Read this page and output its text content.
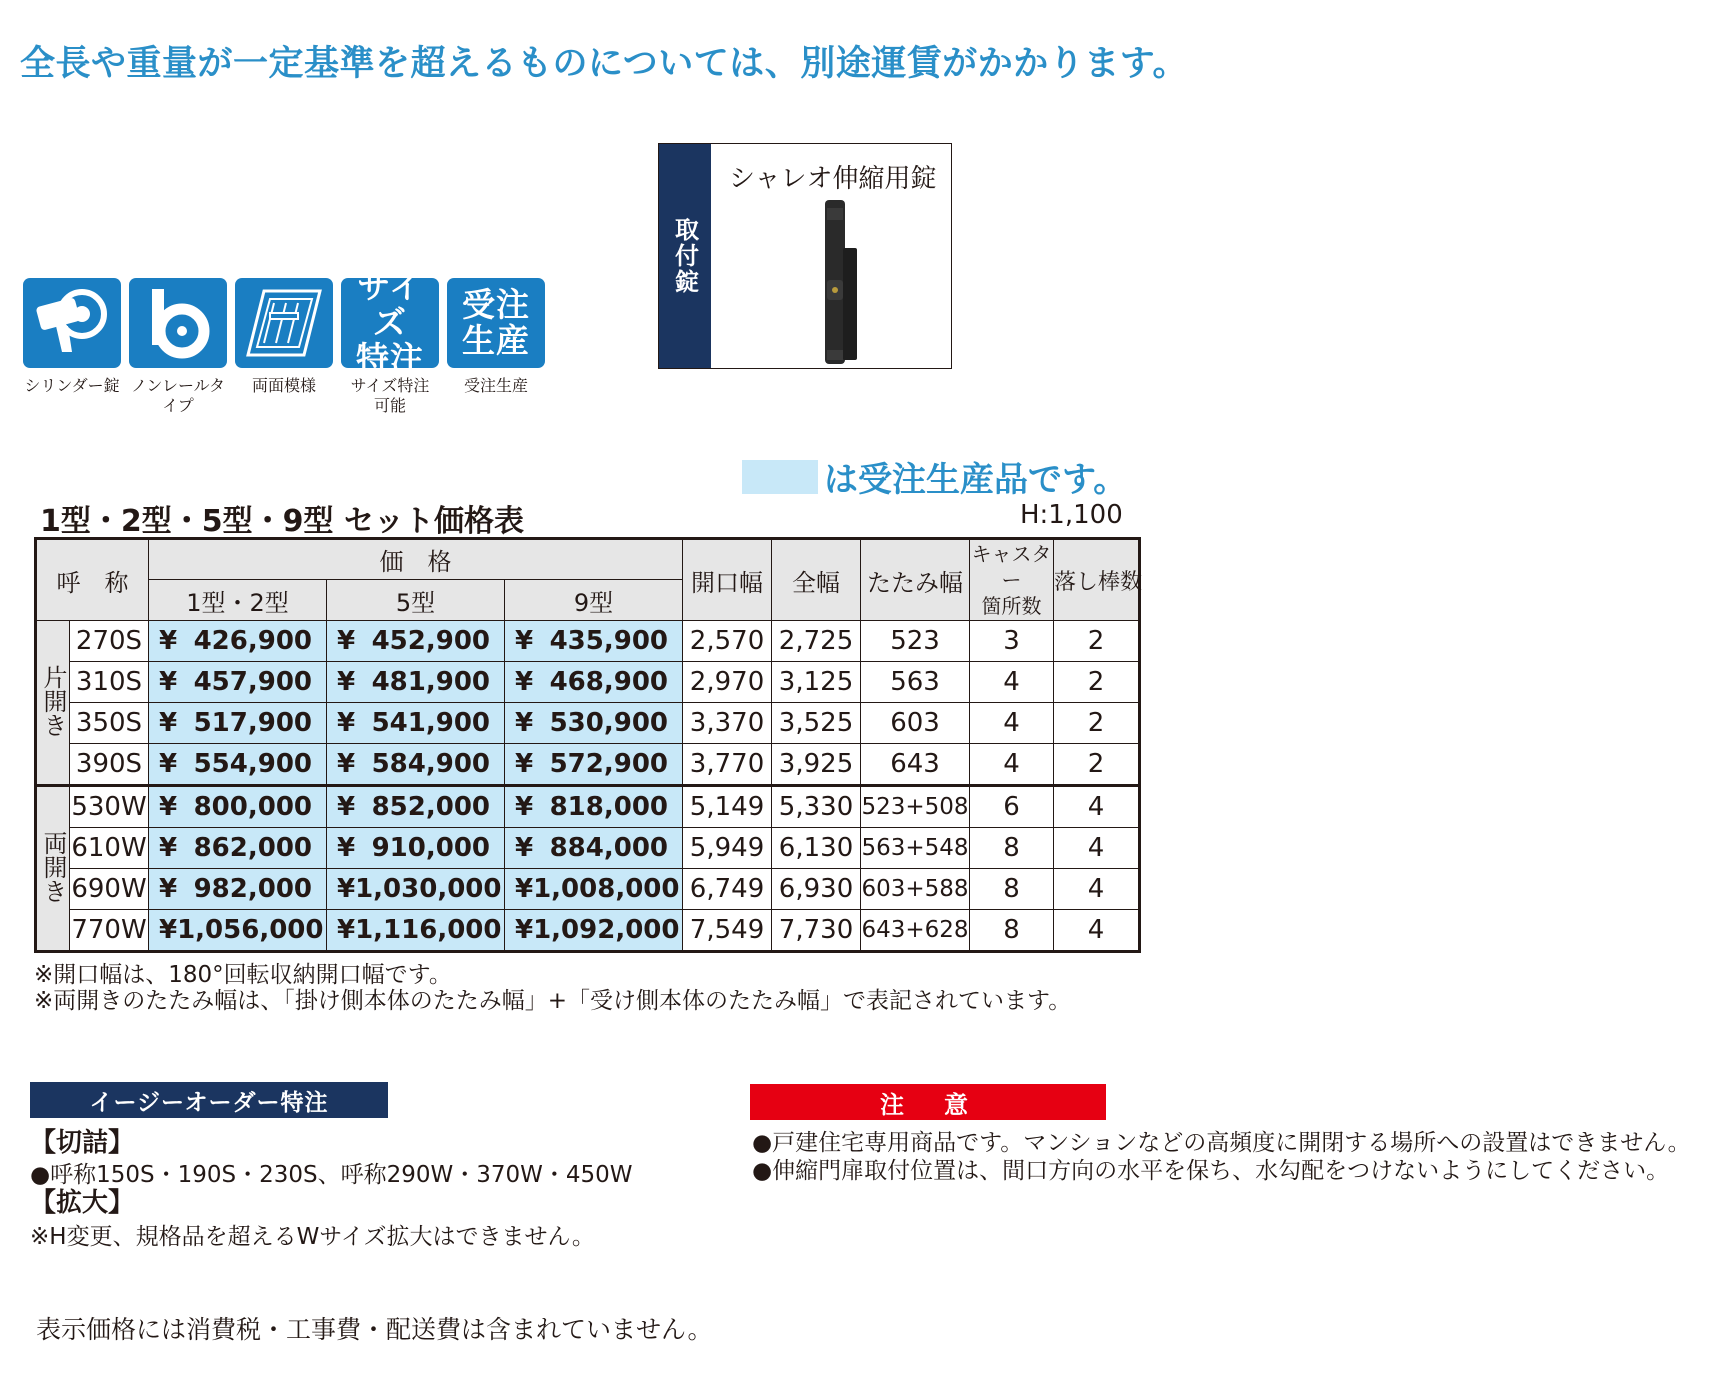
全長や重量が一定基準を超えるものについては、別途運賃がかかります。
シリンダー錠 ノンレールタイプ
両面模様
サイズ
特注
サイズ特注
可能
受注
生産
受注生産
取付錠
シャレオ伸縮用錠
は受注生産品です。
1型・2型・5型・9型 セット価格表	H:1,100
呼　称		価　格			開口幅	全幅	たたみ幅	キャスター
箇所数	落し棒数
		1型・2型	5型	9型					
片開き	270S	¥ 426,900	¥ 452,900	¥ 435,900	2,570	2,725	523	3	2
	310S	¥ 457,900	¥ 481,900	¥ 468,900	2,970	3,125	563	4	2
	350S	¥ 517,900	¥ 541,900	¥ 530,900	3,370	3,525	603	4	2
	390S	¥ 554,900	¥ 584,900	¥ 572,900	3,770	3,925	643	4	2
両開き	530W	¥ 800,000	¥ 852,000	¥ 818,000	5,149	5,330	523+508	6	4
	610W	¥ 862,000	¥ 910,000	¥ 884,000	5,949	6,130	563+548	8	4
	690W	¥ 982,000	¥ 1,030,000	¥ 1,008,000	6,749	6,930	603+588	8	4
	770W	¥ 1,056,000	¥ 1,116,000	¥ 1,092,000	7,549	7,730	643+628	8	4
※開口幅は、180°回転収納開口幅です。
※両開きのたたみ幅は、「掛け側本体のたたみ幅」+「受け側本体のたたみ幅」で表記されています。
イージーオーダー特注
【切詰】
●呼称150S・190S・230S、呼称290W・370W・450W
【拡大】
※H変更、規格品を超えるWサイズ拡大はできません。
注　意
●戸建住宅専用商品です。マンションなどの高頻度に開閉する場所への設置はできません。
●伸縮門扉取付位置は、間口方向の水平を保ち、水勾配をつけないようにしてください。
表示価格には消費税・工事費・配送費は含まれていません。
